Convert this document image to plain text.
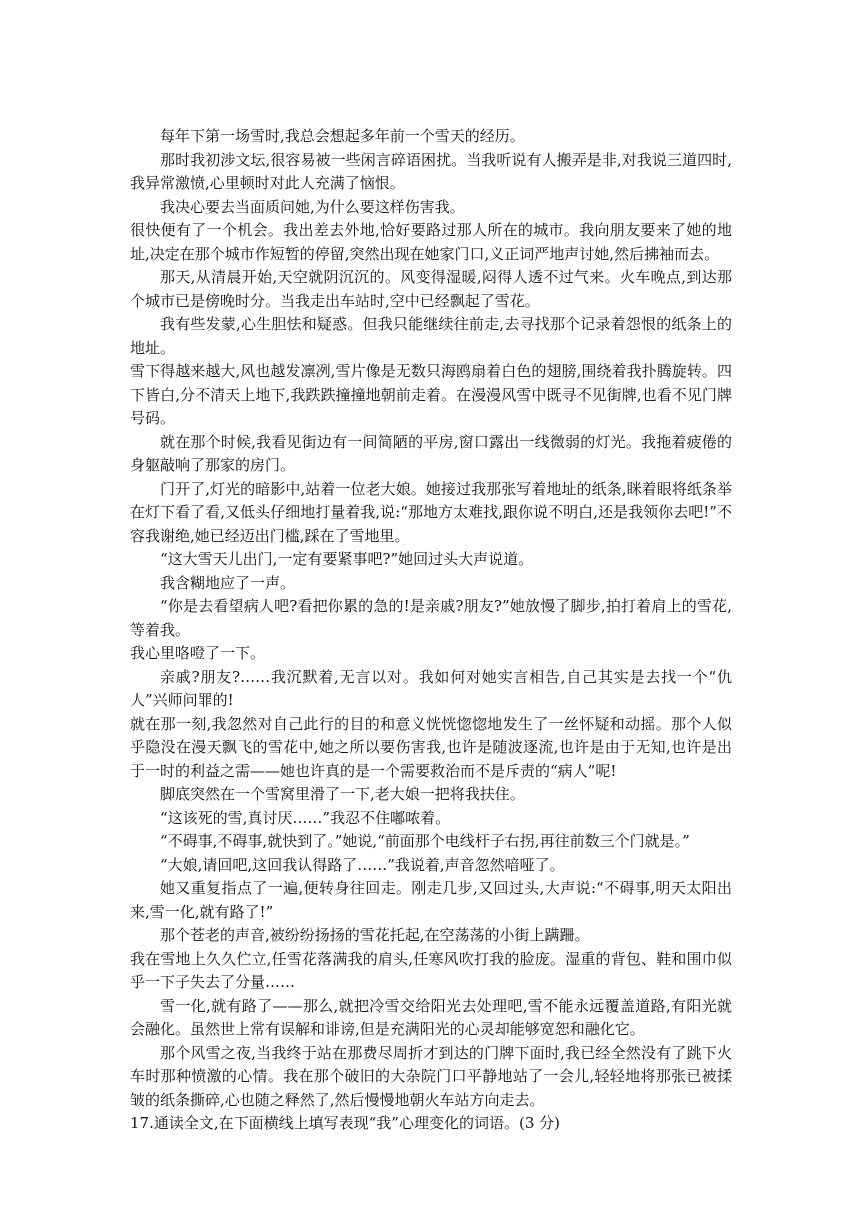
每年下第一场雪时,我总会想起多年前一个雪天的经历。

那时我初涉文坛,很容易被一些闲言碎语困扰。当我听说有人搬弄是非,对我说三道四时,我异常激愤,心里顿时对此人充满了恼恨。

我决心要去当面质问她,为什么要这样伤害我。

很快便有了一个机会。我出差去外地,恰好要路过那人所在的城市。我向朋友要来了她的地址,决定在那个城市作短暂的停留,突然出现在她家门口,义正词严地声讨她,然后拂袖而去。

那天,从清晨开始,天空就阴沉沉的。风变得湿暖,闷得人透不过气来。火车晚点,到达那个城市已是傍晚时分。当我走出车站时,空中已经飘起了雪花。

我有些发蒙,心生胆怯和疑惑。但我只能继续往前走,去寻找那个记录着怨恨的纸条上的地址。

雪下得越来越大,风也越发凛冽,雪片像是无数只海鸥扇着白色的翅膀,围绕着我扑腾旋转。四下皆白,分不清天上地下,我跌跌撞撞地朝前走着。在漫漫风雪中既寻不见街牌,也看不见门牌号码。

就在那个时候,我看见街边有一间简陋的平房,窗口露出一线微弱的灯光。我拖着疲倦的身躯敲响了那家的房门。

门开了,灯光的暗影中,站着一位老大娘。她接过我那张写着地址的纸条,眯着眼将纸条举在灯下看了看,又低头仔细地打量着我,说:“那地方太难找,跟你说不明白,还是我领你去吧!”不容我谢绝,她已经迈出门槛,踩在了雪地里。

“这大雪天儿出门,一定有要紧事吧?”她回过头大声说道。

我含糊地应了一声。

“你是去看望病人吧?看把你累的急的!是亲戚?朋友?”她放慢了脚步,拍打着肩上的雪花,等着我。

我心里咯噔了一下。

亲戚?朋友?……我沉默着,无言以对。我如何对她实言相告,自己其实是去找一个“仇人”兴师问罪的!

就在那一刻,我忽然对自己此行的目的和意义恍恍惚惚地发生了一丝怀疑和动摇。那个人似乎隐没在漫天飘飞的雪花中,她之所以要伤害我,也许是随波逐流,也许是由于无知,也许是出于一时的利益之需——她也许真的是一个需要救治而不是斥责的“病人”呢!

脚底突然在一个雪窝里滑了一下,老大娘一把将我扶住。

“这该死的雪,真讨厌……”我忍不住嘟哝着。

“不碍事,不碍事,就快到了。”她说,“前面那个电线杆子右拐,再往前数三个门就是。”

“大娘,请回吧,这回我认得路了……”我说着,声音忽然喑哑了。

她又重复指点了一遍,便转身往回走。刚走几步,又回过头,大声说:“不碍事,明天太阳出来,雪一化,就有路了!”

那个苍老的声音,被纷纷扬扬的雪花托起,在空荡荡的小街上蹒跚。

我在雪地上久久伫立,任雪花落满我的肩头,任寒风吹打我的脸庞。湿重的背包、鞋和围巾似乎一下子失去了分量……

雪一化,就有路了——那么,就把冷雪交给阳光去处理吧,雪不能永远覆盖道路,有阳光就会融化。虽然世上常有误解和诽谤,但是充满阳光的心灵却能够宽恕和融化它。

那个风雪之夜,当我终于站在那费尽周折才到达的门牌下面时,我已经全然没有了跳下火车时那种愤激的心情。我在那个破旧的大杂院门口平静地站了一会儿,轻轻地将那张已被揉皱的纸条撕碎,心也随之释然了,然后慢慢地朝火车站方向走去。

17.通读全文,在下面横线上填写表现“我”心理变化的词语。(3 分)
